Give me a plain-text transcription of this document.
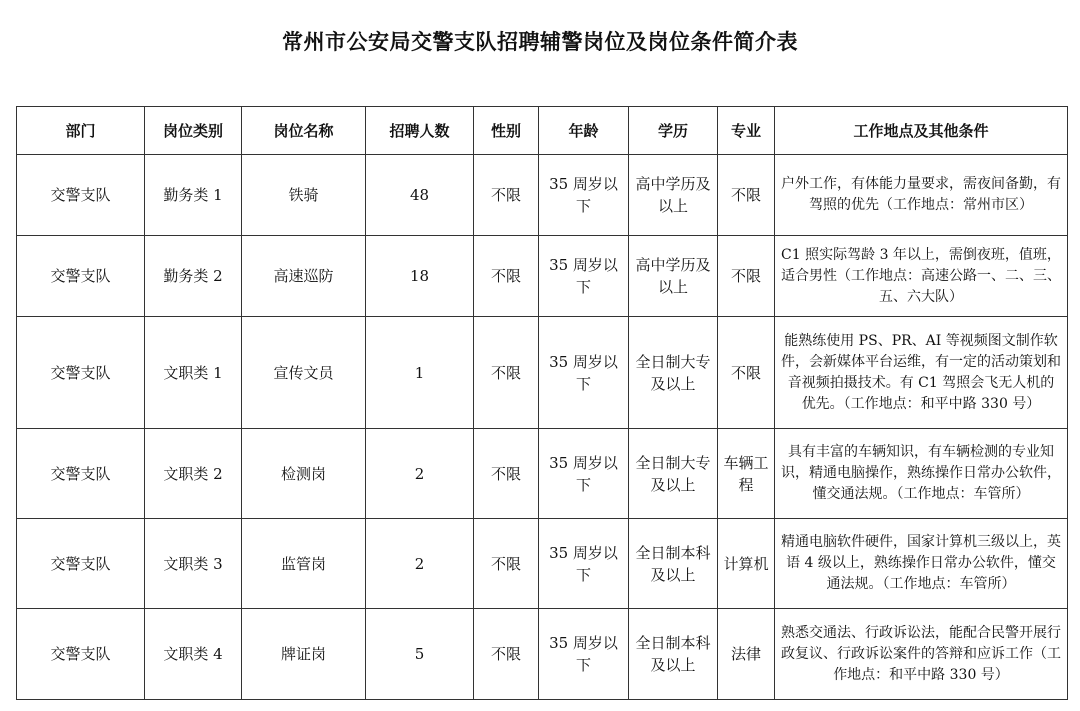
常州市公安局交警支队招聘辅警岗位及岗位条件简介表
部门	岗位类别	岗位名称	招聘人数	性别	年龄	学历	专业	工作地点及其他条件
交警支队	勤务类 1	铁骑	48	不限	35 周岁以下	高中学历及以上	不限	户外工作，有体能力量要求，需夜间备勤，有驾照的优先（工作地点：常州市区）
交警支队	勤务类 2	高速巡防	18	不限	35 周岁以下	高中学历及以上	不限	C1 照实际驾龄 3 年以上，需倒夜班，值班，适合男性（工作地点：高速公路一、二、三、五、六大队）
交警支队	文职类 1	宣传文员	1	不限	35 周岁以下	全日制大专及以上	不限	能熟练使用 PS、PR、AI 等视频图文制作软件，会新媒体平台运维，有一定的活动策划和音视频拍摄技术。有 C1 驾照会飞无人机的优先。（工作地点：和平中路 330 号）
交警支队	文职类 2	检测岗	2	不限	35 周岁以下	全日制大专及以上	车辆工程	具有丰富的车辆知识，有车辆检测的专业知识，精通电脑操作，熟练操作日常办公软件，懂交通法规。（工作地点：车管所）
交警支队	文职类 3	监管岗	2	不限	35 周岁以下	全日制本科及以上	计算机	精通电脑软件硬件，国家计算机三级以上，英语 4 级以上，熟练操作日常办公软件，懂交通法规。（工作地点：车管所）
交警支队	文职类 4	牌证岗	5	不限	35 周岁以下	全日制本科及以上	法律	熟悉交通法、行政诉讼法，能配合民警开展行政复议、行政诉讼案件的答辩和应诉工作（工作地点：和平中路 330 号）
